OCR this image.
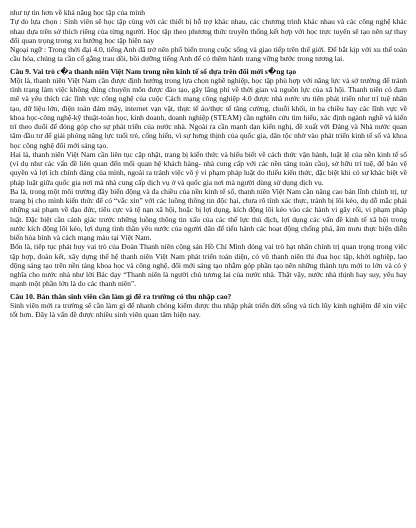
như tự tin hơn về khả năng học tập của mình

Tự do lựa chọn : Sinh viên sẽ học tập cùng với các thiết bị hỗ trợ khác nhau, các chương trình khác nhau và các công nghệ khác nhau dựa trên sở thích riêng của từng người. Học tập theo phương thức truyền thống kết hợp với học trực tuyến sẽ tạo nên sự thay đổi quan trọng trong xu hướng học tập hiện nay

Ngoại ngữ : Trong thời đại 4.0, tiếng Anh đã trở nên phổ biến trong cuộc sống và giao tiếp trên thế giới. Để bắt kịp với xu thế toàn cầu hóa, chúng ta cần cố gắng trau dồi, bồi dưỡng tiếng Anh để có thêm hành trang vững bước trong tương lai.

Câu 9. Vai trò c�a thanh niên Việt Nam trong nền kinh tế số dựa trên đổi mới s�ng tạo

Một là, thanh niên Việt Nam cần được định hướng trong lựa chọn nghề nghiệp, học tập phù hợp với năng lực và sở trường để tránh tình trạng làm việc không đúng chuyên môn được đào tạo, gây lãng phí về thời gian và nguồn lực của xã hội. Thanh niên có đam mê và yêu thích các lĩnh vực công nghệ của cuộc Cách mạng công nghiệp 4.0 được nhà nước ưu tiên phát triển như trí tuệ nhân tạo, dữ liệu lớn, điện toán đám mây, internet vạn vật, thực tế ảo/thực tế tăng cường, chuỗi khối, in ba chiều hay các lĩnh vực về khoa học-công nghệ-kỹ thuật-toán học, kinh doanh, doanh nghiệp (STEAM) cần nghiên cứu tìm hiểu, xác định ngành nghề và kiến trí theo đuổi để đóng góp cho sự phát triển của nước nhà. Ngoài ra cần mạnh dạn kiến nghị, đề xuất với Đảng và Nhà nước quan tâm đầu tư để giải phóng năng lực tuổi trẻ, cống hiến, vì sự hưng thịnh của quốc gia, dân tộc nhờ vào phát triển kinh tế số và khoa học công nghệ đổi mới sáng tạo.

Hai là, thanh niên Việt Nam cần liên tục cập nhật, trang bị kiến thức và hiểu biết về cách thức vận hành, luật lệ của nền kinh tế số (ví dụ như các vấn đề liên quan đến mối quan hệ khách hàng- nhà cung cấp với các nền tảng toàn cầu), sở hữu trí tuệ, để bảo vệ quyền và lợi ích chính đáng của mình, ngoài ra tránh việc vô ý vi phạm pháp luật do thiếu kiến thức, đặc biệt khi có sự khác biệt về pháp luật giữa quốc gia nơi mà nhà cung cấp dịch vụ ở và quốc gia nơi mà người dùng sử dụng dịch vụ.

Ba là, trong một môi trường đầy biến động và đa chiều của nền kinh tế số, thanh niên Việt Nam cần nâng cao bản lĩnh chính trị, tự trang bị cho mình kiến thức để có “vắc xin” với các luồng thông tin độc hại, chưa rõ tính xác thực, tránh bị lôi kéo, dụ dỗ mắc phải những sai phạm về đạo đức, tiêu cực và tệ nạn xã hội, hoặc bị lợi dụng, kích động lôi kéo vào các hành vi gây rối, vi phạm pháp luật. Đặc biệt cần cảnh giác trước những luồng thông tin xấu của các thế lực thù địch, lợi dụng các vấn đề kinh tế xã hội trong nước kích động lôi kéo, lợi dụng tình thần yêu nước của người dân để tiến hành các hoạt động chống phá, âm mưu thực hiện diễn biến hòa bình và cách mạng màu tại Việt Nam.

Bốn là, tiếp tục phát huy vai trò của Đoàn Thanh niên cộng sản Hồ Chí Minh đóng vai trò hạt nhân chính trị quan trọng trong việc tập hợp, đoàn kết, xây dựng thế hệ thanh niên Việt Nam phát triển toàn diện, có vũ thanh niên thi đua học tập, khởi nghiệp, lao động sáng tạo trên nền tảng khoa học và công nghệ, đổi mới sáng tạo nhằm góp phần tạo nên những thành tựu mới to lớn và có ý nghĩa cho nước nhà như lời Bác dạy “Thanh niên là người chủ tương lai của nước nhà. Thật vậy, nước nhà thịnh hay suy, yếu hay mạnh một phần lớn là do các thanh niên”.

Câu 10. Bản thân sinh viên cần làm gì để ra trường có thu nhập cao?

Sinh viên mới ra trường sẽ cần làm gì để nhanh chóng kiếm được thu nhập phát triển đời sống và tích lũy kinh nghiệm để xin việc tốt hơn. Đây là vấn đề được nhiều sinh viên quan tâm hiện nay.
